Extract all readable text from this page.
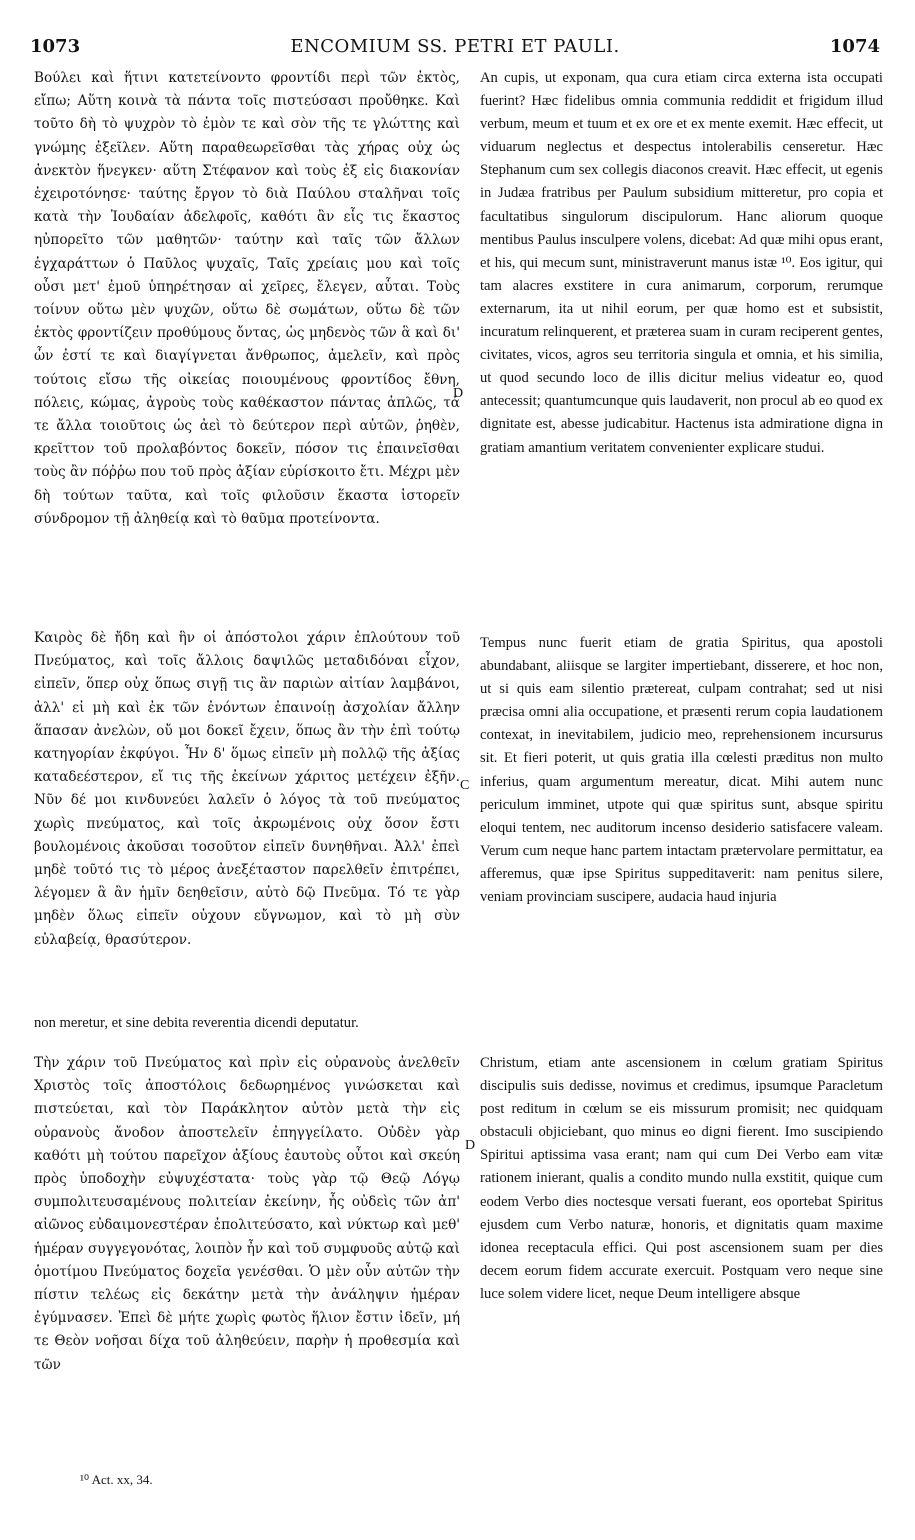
1073	ENCOMIUM SS. PETRI ET PAULI.	1074

Βούλει καὶ ἥτινι κατετείνοντο φροντίδι περὶ τῶν ἐκτὸς, εἴπω; Αὕτη κοινὰ τὰ πάντα τοῖς πιστεύσασι προὔθηκε. Καὶ τοῦτο δὴ τὸ ψυχρὸν τὸ ἐμὸν τε καὶ σὸν τῆς τε γλώττης καὶ γνώμης ἐξεῖλεν. Αὕτη παραθεωρεῖσθαι τὰς χήρας οὐχ ὡς ἀνεκτὸν ἥνεγκεν· αὕτη Στέφανον καὶ τοὺς ἐξ εἰς διακονίαν ἐχειροτόνησε· ταύτης ἔργον τὸ διὰ Παύλου σταλῆναι τοῖς κατὰ τὴν Ἰουδαίαν ἀδελφοῖς, καθότι ἂν εἷς τις ἕκαστος ηὐπορεῖτο τῶν μαθητῶν· ταύτην καὶ ταῖς τῶν ἄλλων ἐγχαράττων ὁ Παῦλος ψυχαῖς, Ταῖς χρείαις μου καὶ τοῖς οὖσι μετ' ἐμοῦ ὑπηρέτησαν αἱ χεῖρες, ἔλεγεν, αὗται. Τοὺς τοίνυν οὕτω μὲν ψυχῶν, οὕτω δὲ σωμάτων, οὕτω δὲ τῶν ἐκτὸς φροντίζειν προθύμους ὄντας, ὡς μηδενὸς τῶν ἃ καὶ δι' ὧν ἐστί τε καὶ διαγίγνεται ἄνθρωπος, ἀμελεῖν, καὶ πρὸς τούτοις εἴσω τῆς οἰκείας ποιουμένους φροντίδος ἔθνη, πόλεις, κώμας, ἀγροὺς τοὺς καθέκαστον πάντας ἁπλῶς, τά τε ἄλλα τοιοῦτοις ὡς ἀεὶ τὸ δεύτερον περὶ αὐτῶν, ῥηθὲν, κρεῖττον τοῦ προλαβόντος δοκεῖν, πόσον τις ἐπαινεῖσθαι τοὺς ἂν πόῤῥω που τοῦ πρὸς ἀξίαν εὑρίσκοιτο ἔτι. Μέχρι μὲν δὴ τούτων ταῦτα, καὶ τοῖς φιλοῦσιν ἕκαστα ἱστορεῖν σύνδρομον τῇ ἀληθείᾳ καὶ τὸ θαῦμα προτείνοντα.

An cupis, ut exponam, qua cura etiam circa externa ista occupati fuerint? Hæc fidelibus omnia communia reddidit et frigidum illud verbum, meum et tuum et ex ore et ex mente exemit. Hæc effecit, ut viduarum neglectus et despectus intolerabilis censeretur. Hæc Stephanum cum sex collegis diaconos creavit. Hæc effecit, ut egenis in Judæa fratribus per Paulum subsidium mitteretur, pro copia et facultatibus singulorum discipulorum. Hanc aliorum quoque mentibus Paulus insculpere volens, dicebat: Ad quæ mihi opus erant, et his, qui mecum sunt, ministraverunt manus istæ ¹⁰. Eos igitur, qui tam alacres exstitere in cura animarum, corporum, rerumque externarum, ita ut nihil eorum, per quæ homo est et subsistit, incuratum relinquerent, et præterea suam in curam reciperent gentes, civitates, vicos, agros seu territoria singula et omnia, et his similia, ut quod secundo loco de illis dicitur melius videatur eo, quod antecessit; quantumcunque quis laudaverit, non procul ab eo quod ex dignitate est, abesse judicabitur. Hactenus ista admiratione digna in gratiam amantium veritatem convenienter explicare studui.

Καιρὸς δὲ ἤδη καὶ ἣν οἱ ἀπόστολοι χάριν ἐπλούτουν τοῦ Πνεύματος, καὶ τοῖς ἄλλοις δαψιλῶς μεταδιδόναι εἶχον, εἰπεῖν, ὅπερ οὐχ ὅπως σιγῇ τις ἂν παριὼν αἰτίαν λαμβάνοι, ἀλλ' εἰ μὴ καὶ ἐκ τῶν ἐνόντων ἐπαινοίῃ ἀσχολίαν ἄλλην ἅπασαν ἀνελὼν, οὔ μοι δοκεῖ ἔχειν, ὅπως ἂν τὴν ἐπὶ τούτῳ κατηγορίαν ἐκφύγοι. Ἦν δ' ὅμως εἰπεῖν μὴ πολλῷ τῆς ἀξίας καταδεέστερον, εἴ τις τῆς ἐκείνων χάριτος μετέχειν ἐξῆν. Νῦν δέ μοι κινδυνεύει λαλεῖν ὁ λόγος τὰ τοῦ πνεύματος χωρὶς πνεύματος, καὶ τοῖς ἀκρωμένοις οὐχ ὅσον ἔστι βουλομένοις ἀκοῦσαι τοσοῦτον εἰπεῖν δυνηθῆναι. Ἀλλ' ἐπεὶ μηδὲ τοῦτό τις τὸ μέρος ἀνεξέταστον παρελθεῖν ἐπιτρέπει, λέγομεν ἃ ἂν ἡμῖν δεηθεῖσιν, αὐτὸ δῷ Πνεῦμα. Τό τε γὰρ μηδὲν ὅλως εἰπεῖν οὐχουν εὔγνωμον, καὶ τὸ μὴ σὺν εὐλαβείᾳ, θρασύτερον.

Tempus nunc fuerit etiam de gratia Spiritus, qua apostoli abundabant, aliisque se largiter impertiebant, disserere, et hoc non, ut si quis eam silentio prætereat, culpam contrahat; sed ut nisi præcisa omni alia occupatione, et præsenti rerum copia laudationem contexat, in inevitabilem, judicio meo, reprehensionem incursurus sit. Et fieri poterit, ut quis gratia illa cœlesti præditus non multo inferius, quam argumentum mereatur, dicat. Mihi autem nunc periculum imminet, utpote qui quæ spiritus sunt, absque spiritu eloqui tentem, nec auditorum incenso desiderio satisfacere valeam. Verum cum neque hanc partem intactam prætervolare permittatur, ea afferemus, quæ ipse Spiritus suppeditaverit: nam penitus silere, veniam provinciam suscipere, audacia haud injuria

non meretur, et sine debita reverentia dicendi deputatur.

Τὴν χάριν τοῦ Πνεύματος καὶ πρὶν εἰς οὐρανοὺς ἀνελθεῖν Χριστὸς τοῖς ἀποστόλοις δεδωρημένος γινώσκεται καὶ πιστεύεται, καὶ τὸν Παράκλητον αὐτὸν μετὰ τὴν εἰς οὐρανοὺς ἄνοδον ἀποστελεῖν ἐπηγγείλατο. Οὐδὲν γὰρ καθότι μὴ τούτου παρεῖχον ἀξίους ἑαυτοὺς οὗτοι καὶ σκεύη πρὸς ὑποδοχὴν εὐψυχέστατα· τοὺς γὰρ τῷ Θεῷ Λόγῳ συμπολιτευσαμένους πολιτείαν ἐκείνην, ἧς οὐδεὶς τῶν ἀπ' αἰῶνος εὐδαιμονεστέραν ἐπολιτεύσατο, καὶ νύκτωρ καὶ μεθ' ἡμέραν συγγεγονότας, λοιπὸν ἦν καὶ τοῦ συμφυοῦς αὐτῷ καὶ ὁμοτίμου Πνεύματος δοχεῖα γενέσθαι. Ὁ μὲν οὖν αὐτῶν τὴν πίστιν τελέως εἰς δεκάτην μετὰ τὴν ἀνάληψιν ἡμέραν ἐγύμνασεν. Ἐπεὶ δὲ μήτε χωρὶς φωτὸς ἥλιον ἔστιν ἰδεῖν, μή τε Θεὸν νοῆσαι δίχα τοῦ ἀληθεύειν, παρὴν ἡ προθεσμία καὶ τῶν

Christum, etiam ante ascensionem in cœlum gratiam Spiritus discipulis suis dedisse, novimus et credimus, ipsumque Paracletum post reditum in cœlum se eis missurum promisit; nec quidquam obstaculi objiciebant, quo minus eo digni fierent. Imo suscipiendo Spiritui aptissima vasa erant; nam qui cum Dei Verbo eam vitæ rationem inierant, qualis a condito mundo nulla exstitit, quique cum eodem Verbo dies noctesque versati fuerant, eos oportebat Spiritus ejusdem cum Verbo naturæ, honoris, et dignitatis quam maxime idonea receptacula effici. Qui post ascensionem suam per dies decem eorum fidem accurate exercuit. Postquam vero neque sine luce solem videre licet, neque Deum intelligere absque

D
C
D
¹⁰ Act. xx, 34.
